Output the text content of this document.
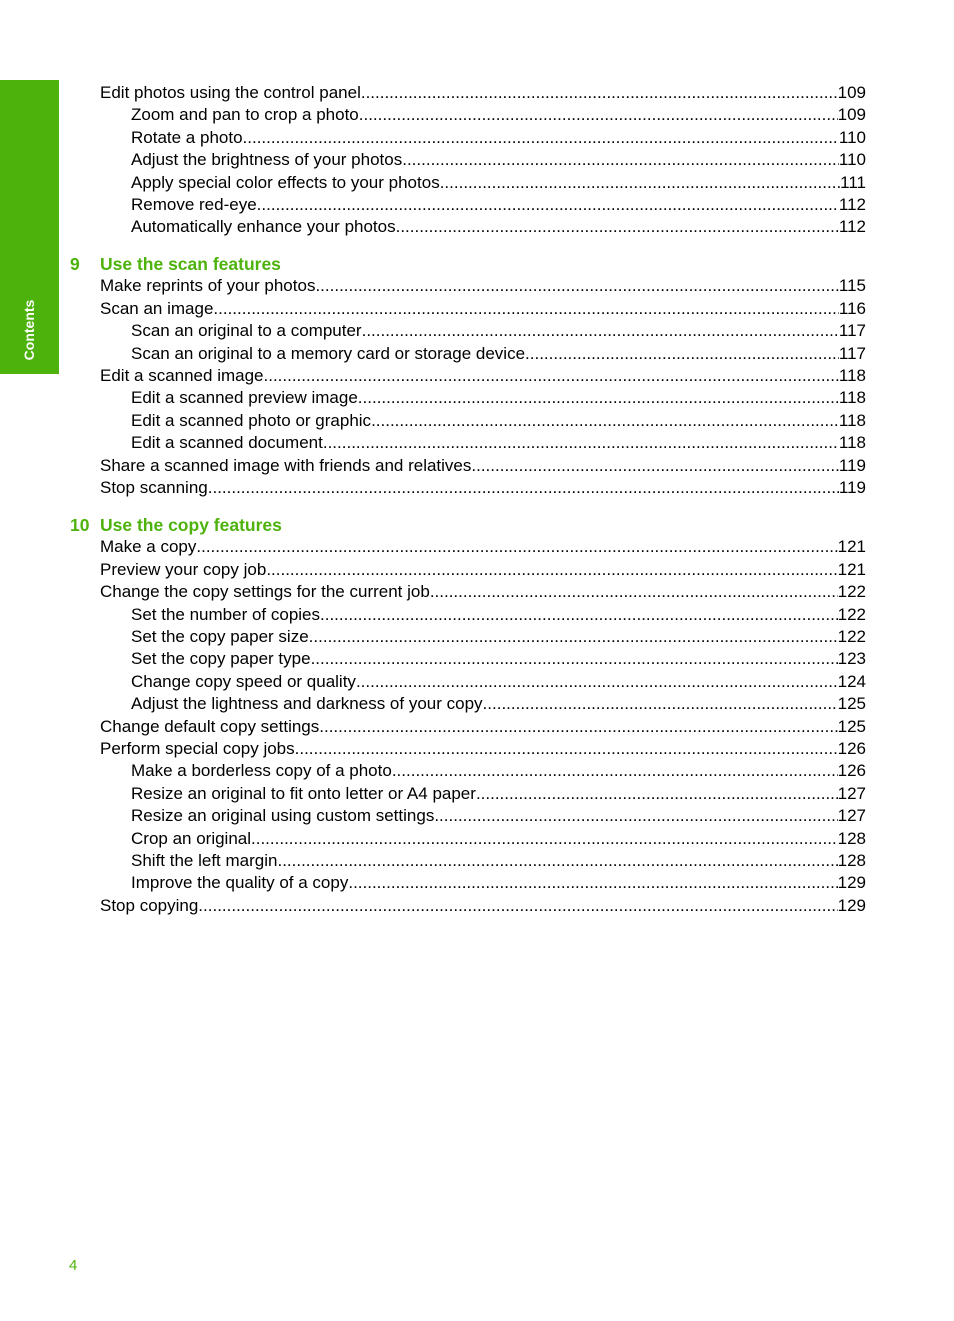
Contents
Edit photos using the control panel .....	109
Zoom and pan to crop a photo .....	109
Rotate a photo .....	110
Adjust the brightness of your photos .....	110
Apply special color effects to your photos .....	111
Remove red-eye .....	112
Automatically enhance your photos .....	112
9	Use the scan features
Make reprints of your photos .....	115
Scan an image .....	116
Scan an original to a computer .....	117
Scan an original to a memory card or storage device .....	117
Edit a scanned image .....	118
Edit a scanned preview image .....	118
Edit a scanned photo or graphic .....	118
Edit a scanned document .....	118
Share a scanned image with friends and relatives .....	119
Stop scanning .....	119
10 Use the copy features
Make a copy .....	121
Preview your copy job .....	121
Change the copy settings for the current job .....	122
Set the number of copies .....	122
Set the copy paper size .....	122
Set the copy paper type .....	123
Change copy speed or quality .....	124
Adjust the lightness and darkness of your copy .....	125
Change default copy settings .....	125
Perform special copy jobs .....	126
Make a borderless copy of a photo .....	126
Resize an original to fit onto letter or A4 paper .....	127
Resize an original using custom settings .....	127
Crop an original .....	128
Shift the left margin .....	128
Improve the quality of a copy .....	129
Stop copying .....	129
4
